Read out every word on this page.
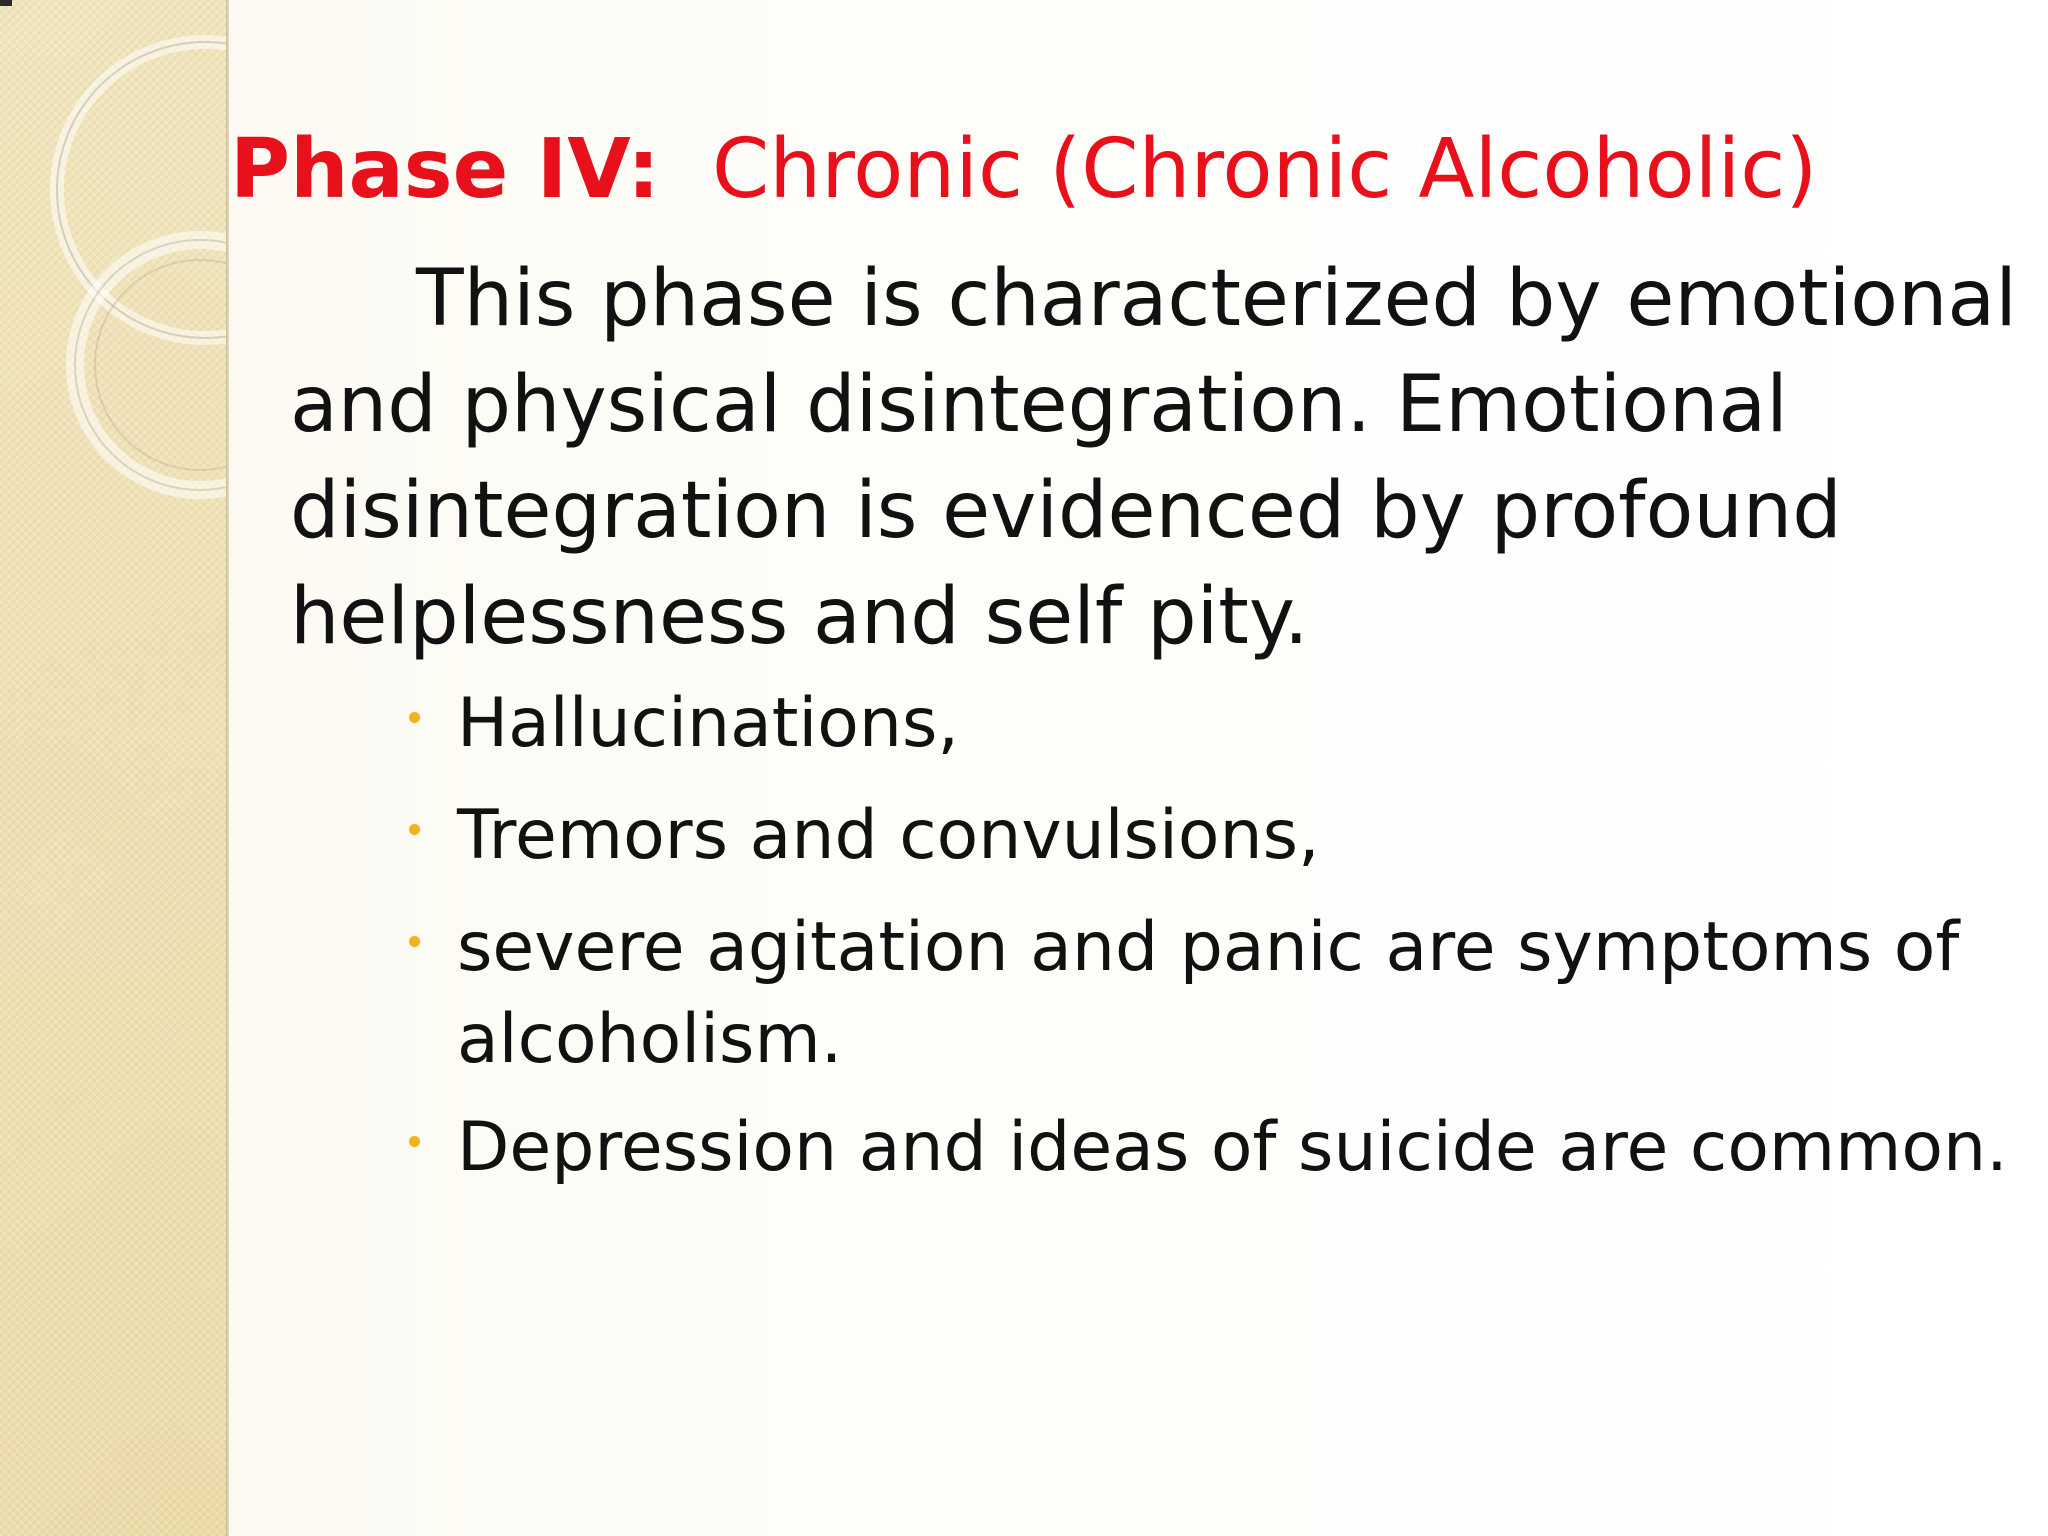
Phase IV: Chronic (Chronic Alcoholic)

This phase is characterized by emotional
and physical disintegration. Emotional
disintegration is evidenced by profound
helplessness and self pity.

Hallucinations,
Tremors and convulsions,
severe agitation and panic are symptoms of
alcoholism.
Depression and ideas of suicide are common.
